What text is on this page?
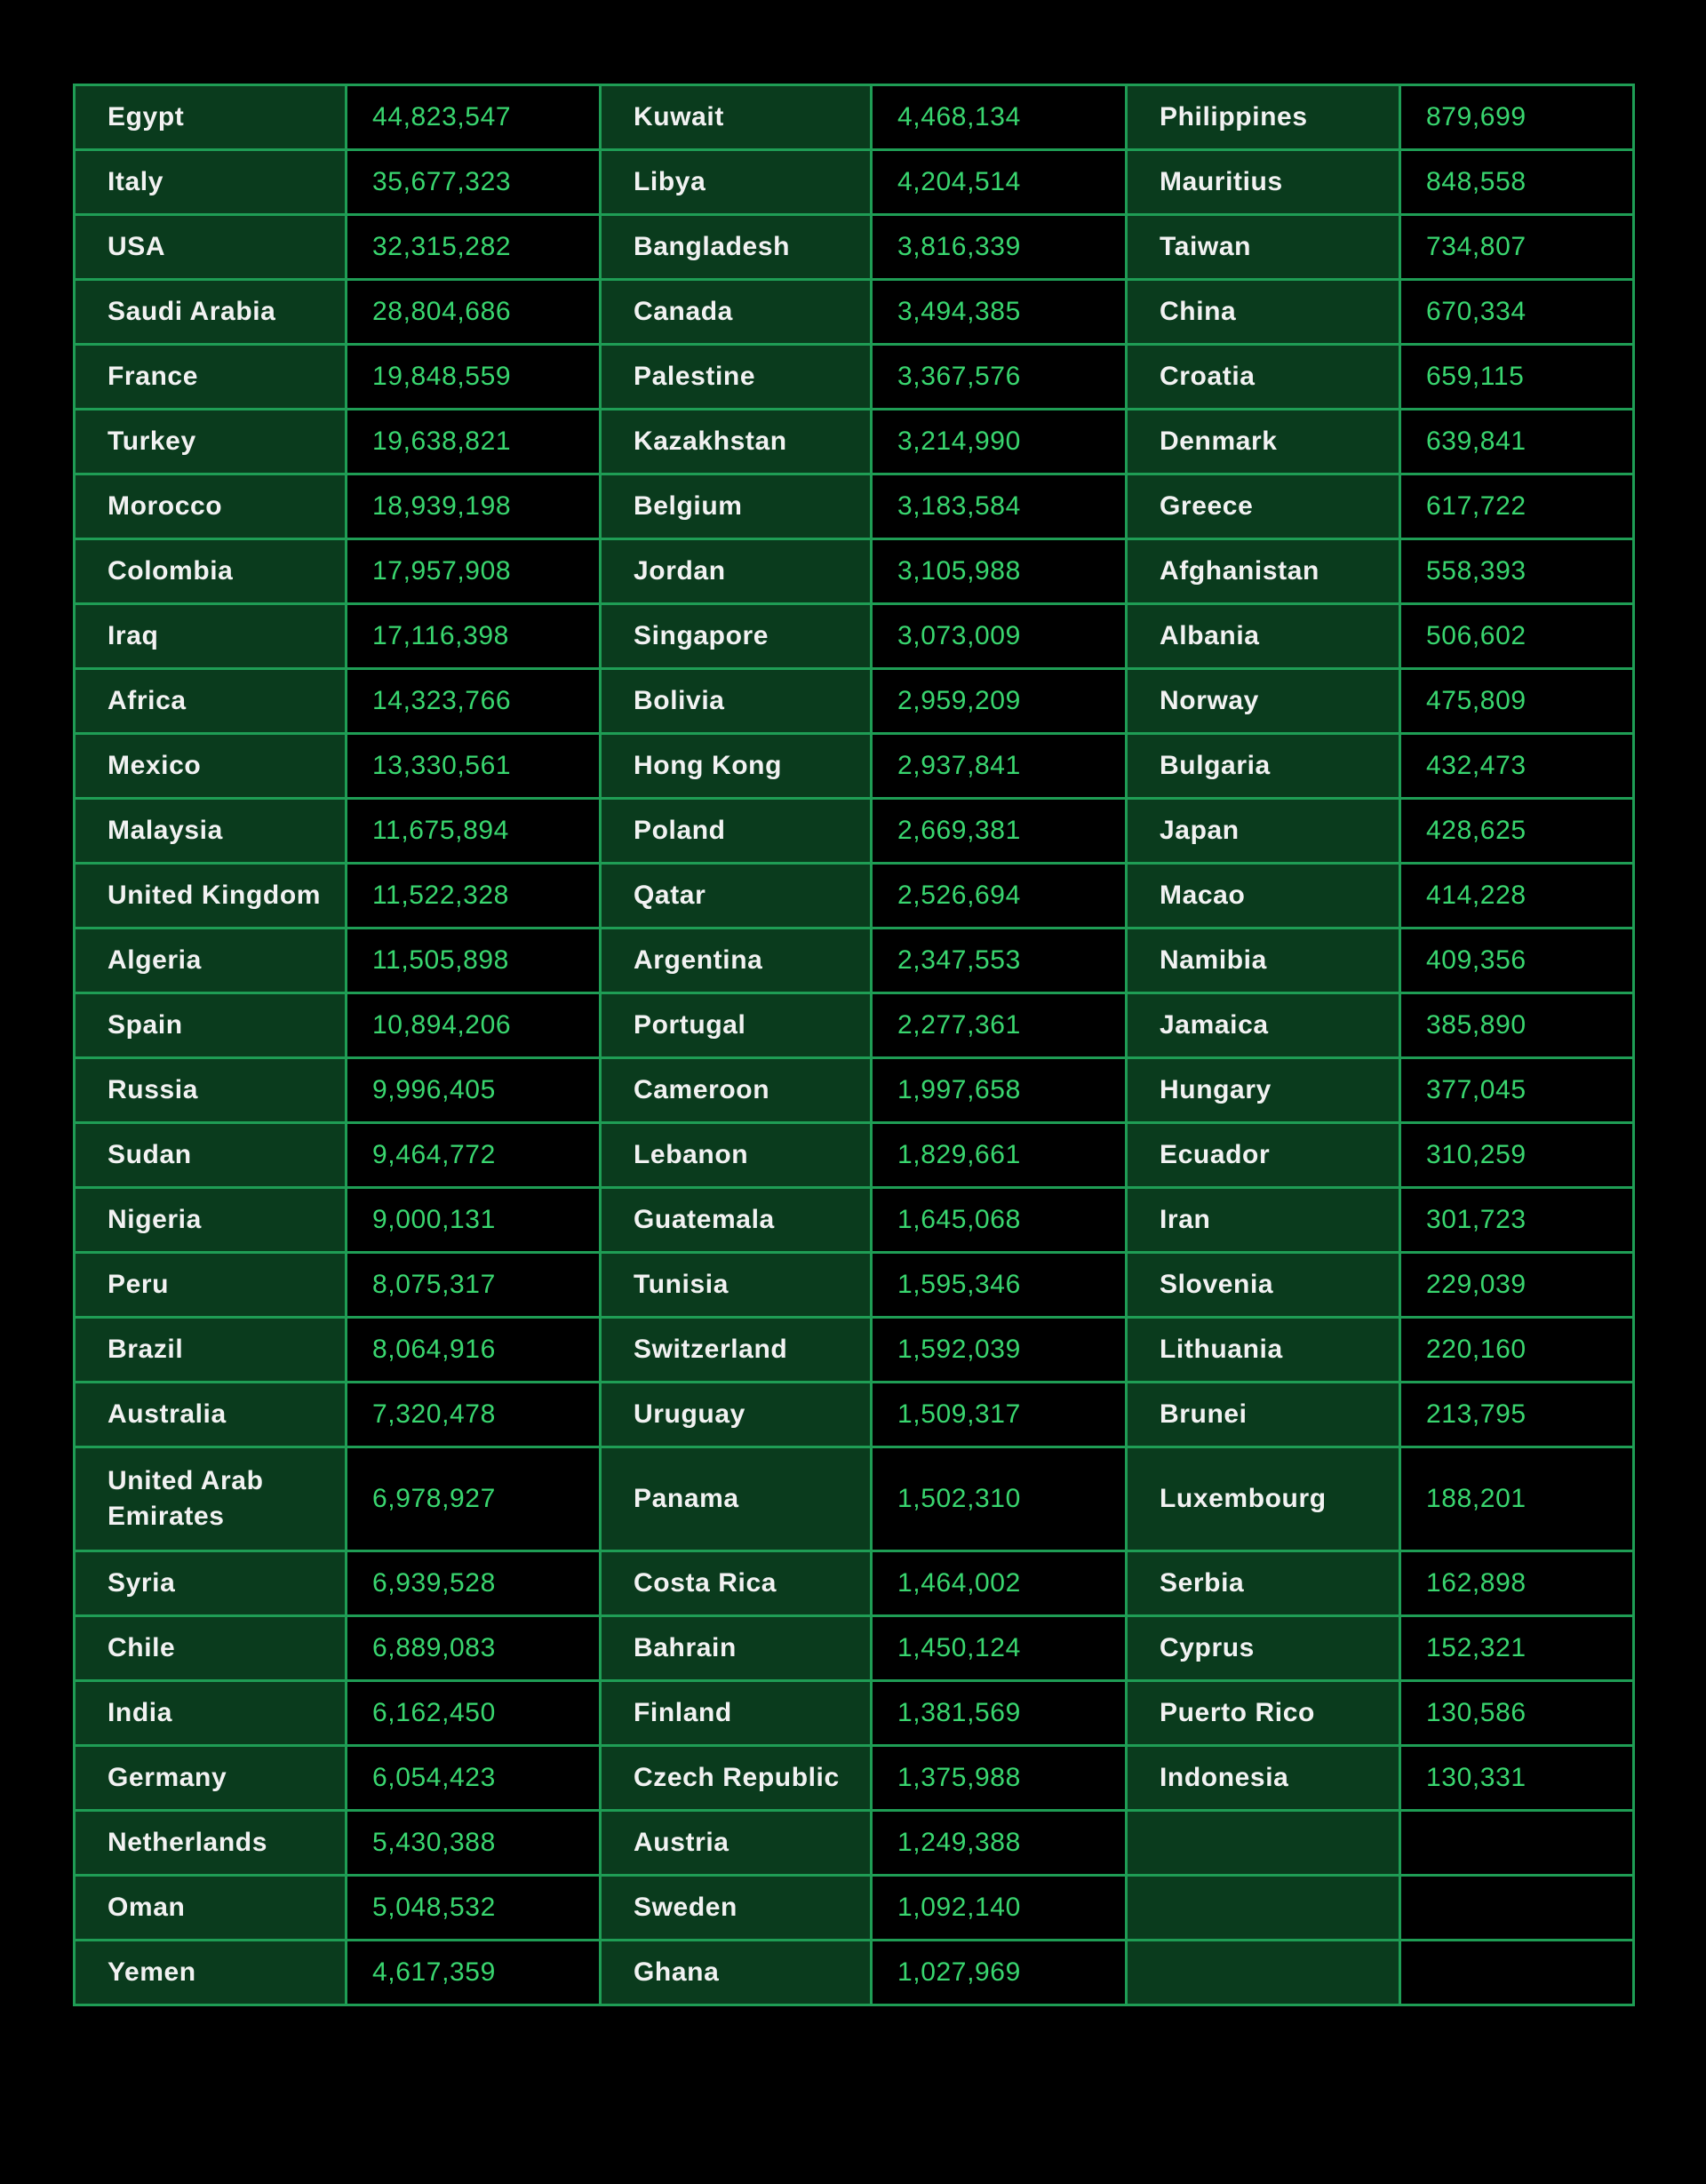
Egypt	44,823,547	Kuwait	4,468,134	Philippines	879,699
Italy	35,677,323	Libya	4,204,514	Mauritius	848,558
USA	32,315,282	Bangladesh	3,816,339	Taiwan	734,807
Saudi Arabia	28,804,686	Canada	3,494,385	China	670,334
France	19,848,559	Palestine	3,367,576	Croatia	659,115
Turkey	19,638,821	Kazakhstan	3,214,990	Denmark	639,841
Morocco	18,939,198	Belgium	3,183,584	Greece	617,722
Colombia	17,957,908	Jordan	3,105,988	Afghanistan	558,393
Iraq	17,116,398	Singapore	3,073,009	Albania	506,602
Africa	14,323,766	Bolivia	2,959,209	Norway	475,809
Mexico	13,330,561	Hong Kong	2,937,841	Bulgaria	432,473
Malaysia	11,675,894	Poland	2,669,381	Japan	428,625
United Kingdom	11,522,328	Qatar	2,526,694	Macao	414,228
Algeria	11,505,898	Argentina	2,347,553	Namibia	409,356
Spain	10,894,206	Portugal	2,277,361	Jamaica	385,890
Russia	9,996,405	Cameroon	1,997,658	Hungary	377,045
Sudan	9,464,772	Lebanon	1,829,661	Ecuador	310,259
Nigeria	9,000,131	Guatemala	1,645,068	Iran	301,723
Peru	8,075,317	Tunisia	1,595,346	Slovenia	229,039
Brazil	8,064,916	Switzerland	1,592,039	Lithuania	220,160
Australia	7,320,478	Uruguay	1,509,317	Brunei	213,795
United Arab Emirates	6,978,927	Panama	1,502,310	Luxembourg	188,201
Syria	6,939,528	Costa Rica	1,464,002	Serbia	162,898
Chile	6,889,083	Bahrain	1,450,124	Cyprus	152,321
India	6,162,450	Finland	1,381,569	Puerto Rico	130,586
Germany	6,054,423	Czech Republic	1,375,988	Indonesia	130,331
Netherlands	5,430,388	Austria	1,249,388		
Oman	5,048,532	Sweden	1,092,140		
Yemen	4,617,359	Ghana	1,027,969		
